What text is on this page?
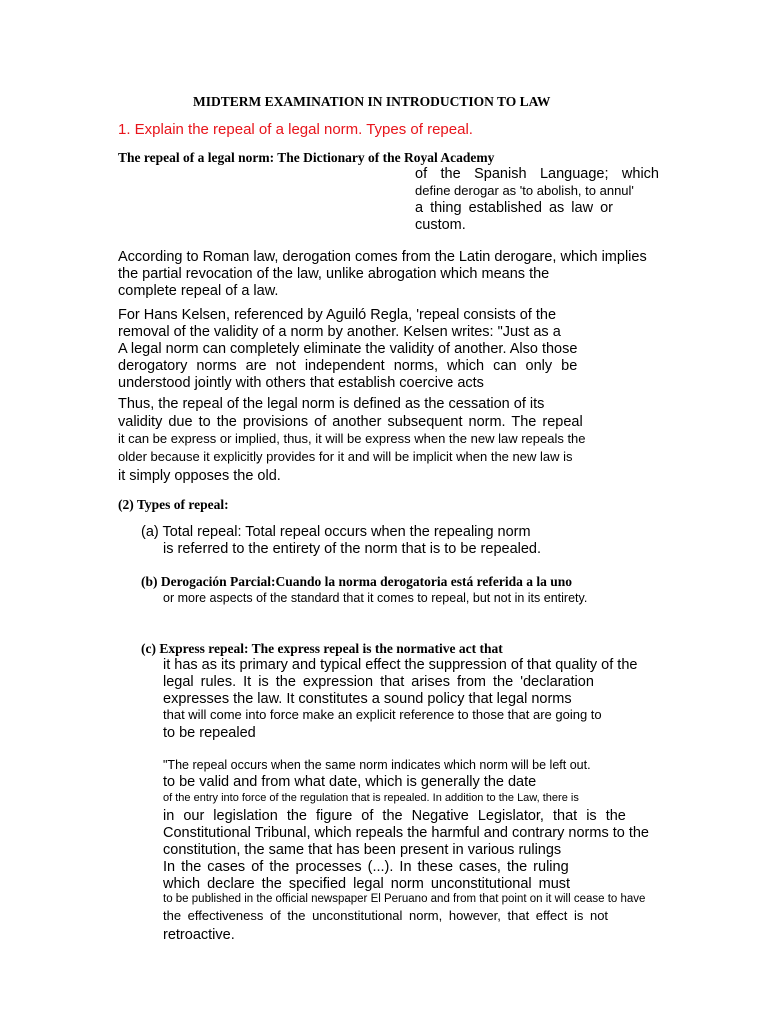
MIDTERM EXAMINATION IN INTRODUCTION TO LAW
1. Explain the repeal of a legal norm. Types of repeal.
The repeal of a legal norm: The Dictionary of the Royal Academy
of the Spanish Language; which
define derogar as 'to abolish, to annul'
a thing established as law or
custom.
According to Roman law, derogation comes from the Latin derogare, which implies
the partial revocation of the law, unlike abrogation which means the
complete repeal of a law.
For Hans Kelsen, referenced by Aguiló Regla, 'repeal consists of the
removal of the validity of a norm by another. Kelsen writes: "Just as a
A legal norm can completely eliminate the validity of another. Also those
derogatory norms are not independent norms, which can only be
understood jointly with others that establish coercive acts
Thus, the repeal of the legal norm is defined as the cessation of its
validity due to the provisions of another subsequent norm. The repeal
it can be express or implied, thus, it will be express when the new law repeals the
older because it explicitly provides for it and will be implicit when the new law is
it simply opposes the old.
(2) Types of repeal:
(a) Total repeal: Total repeal occurs when the repealing norm
is referred to the entirety of the norm that is to be repealed.
(b) Derogación Parcial:Cuando la norma derogatoria está referida a la uno
or more aspects of the standard that it comes to repeal, but not in its entirety.
(c) Express repeal: The express repeal is the normative act that
it has as its primary and typical effect the suppression of that quality of the
legal rules. It is the expression that arises from the 'declaration
expresses the law. It constitutes a sound policy that legal norms
that will come into force make an explicit reference to those that are going to
to be repealed
"The repeal occurs when the same norm indicates which norm will be left out.
to be valid and from what date, which is generally the date
of the entry into force of the regulation that is repealed. In addition to the Law, there is
in our legislation the figure of the Negative Legislator, that is the
Constitutional Tribunal, which repeals the harmful and contrary norms to the
constitution, the same that has been present in various rulings
In the cases of the processes (...). In these cases, the ruling
which declare the specified legal norm unconstitutional must
to be published in the official newspaper El Peruano and from that point on it will cease to have
the effectiveness of the unconstitutional norm, however, that effect is not
retroactive.
